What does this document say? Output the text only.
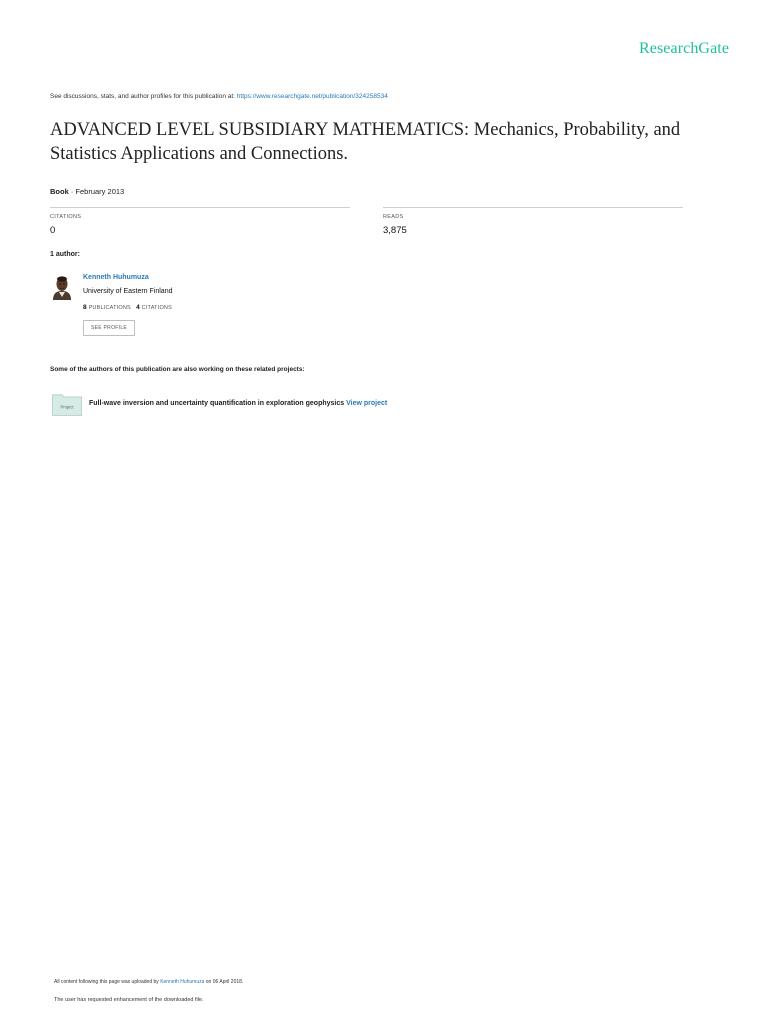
ResearchGate
See discussions, stats, and author profiles for this publication at: https://www.researchgate.net/publication/324258534
ADVANCED LEVEL SUBSIDIARY MATHEMATICS: Mechanics, Probability, and Statistics Applications and Connections.
Book · February 2013
CITATIONS
0
READS
3,875
1 author:
Kenneth Huhumuza
University of Eastern Finland
8 PUBLICATIONS 4 CITATIONS
SEE PROFILE
Some of the authors of this publication are also working on these related projects:
Project Full-wave inversion and uncertainty quantification in exploration geophysics View project
All content following this page was uploaded by Kenneth Huhumuza on 06 April 2018.
The user has requested enhancement of the downloaded file.
